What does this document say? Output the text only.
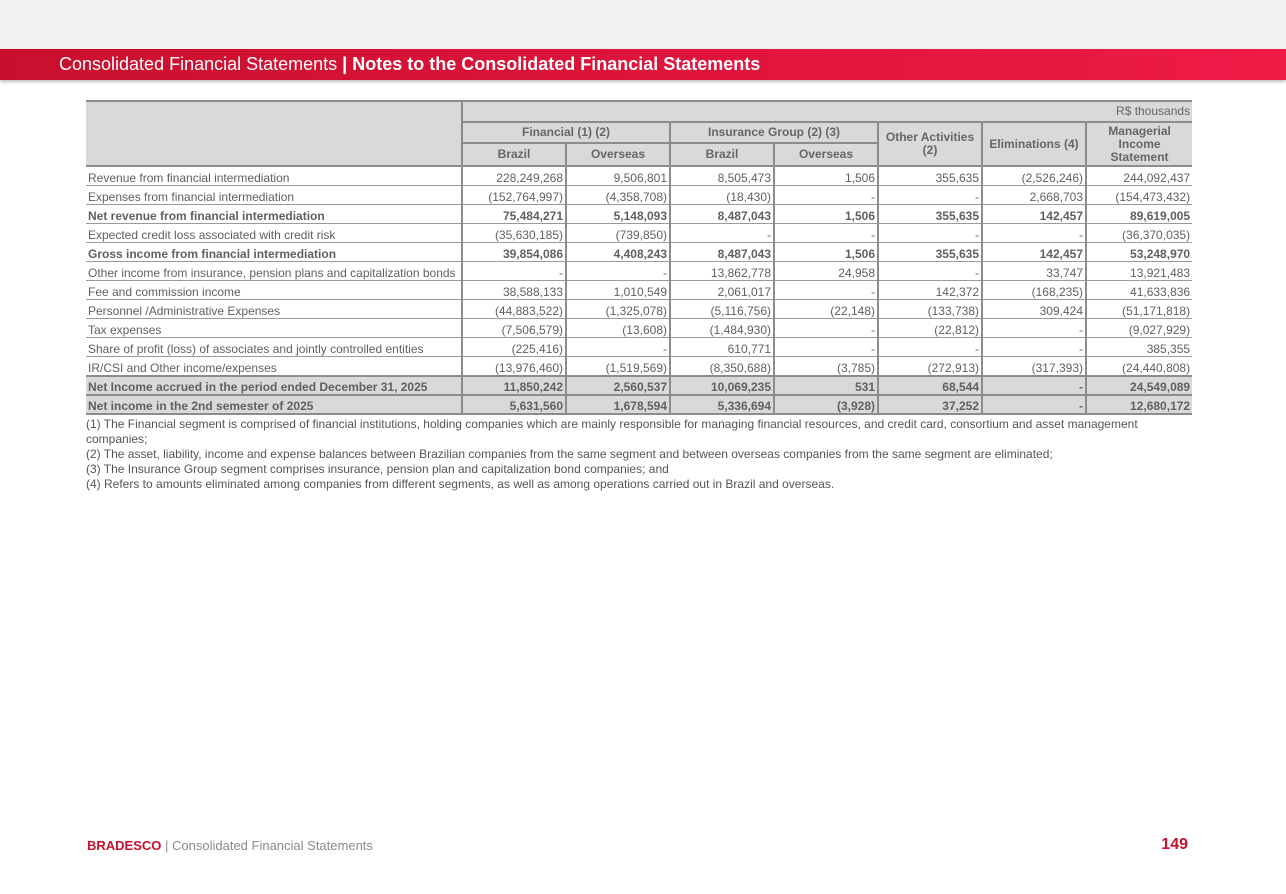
Consolidated Financial Statements | Notes to the Consolidated Financial Statements
	R$ thousands						
	Financial (1) (2)		Insurance Group (2) (3)		Other Activities (2)	Eliminations (4)	Managerial Income Statement
	Brazil	Overseas	Brazil	Overseas			
Revenue from financial intermediation	228,249,268	9,506,801	8,505,473	1,506	355,635	(2,526,246)	244,092,437
Expenses from financial intermediation	(152,764,997)	(4,358,708)	(18,430)	-	-	2,668,703	(154,473,432)
Net revenue from financial intermediation	75,484,271	5,148,093	8,487,043	1,506	355,635	142,457	89,619,005
Expected credit loss associated with credit risk	(35,630,185)	(739,850)	-	-	-	-	(36,370,035)
Gross income from financial intermediation	39,854,086	4,408,243	8,487,043	1,506	355,635	142,457	53,248,970
Other income from insurance, pension plans and capitalization bonds	-	-	13,862,778	24,958	-	33,747	13,921,483
Fee and commission income	38,588,133	1,010,549	2,061,017	-	142,372	(168,235)	41,633,836
Personnel /Administrative Expenses	(44,883,522)	(1,325,078)	(5,116,756)	(22,148)	(133,738)	309,424	(51,171,818)
Tax expenses	(7,506,579)	(13,608)	(1,484,930)	-	(22,812)	-	(9,027,929)
Share of profit (loss) of associates and jointly controlled entities	(225,416)	-	610,771	-	-	-	385,355
IR/CSI and Other income/expenses	(13,976,460)	(1,519,569)	(8,350,688)	(3,785)	(272,913)	(317,393)	(24,440,808)
Net Income accrued in the period ended December 31, 2025	11,850,242	2,560,537	10,069,235	531	68,544	-	24,549,089
Net income in the 2nd semester of 2025	5,631,560	1,678,594	5,336,694	(3,928)	37,252	-	12,680,172
(1) The Financial segment is comprised of financial institutions, holding companies which are mainly responsible for managing financial resources, and credit card, consortium and asset management companies;
(2) The asset, liability, income and expense balances between Brazilian companies from the same segment and between overseas companies from the same segment are eliminated;
(3) The Insurance Group segment comprises insurance, pension plan and capitalization bond companies; and
(4) Refers to amounts eliminated among companies from different segments, as well as among operations carried out in Brazil and overseas.
BRADESCO | Consolidated Financial Statements	149
